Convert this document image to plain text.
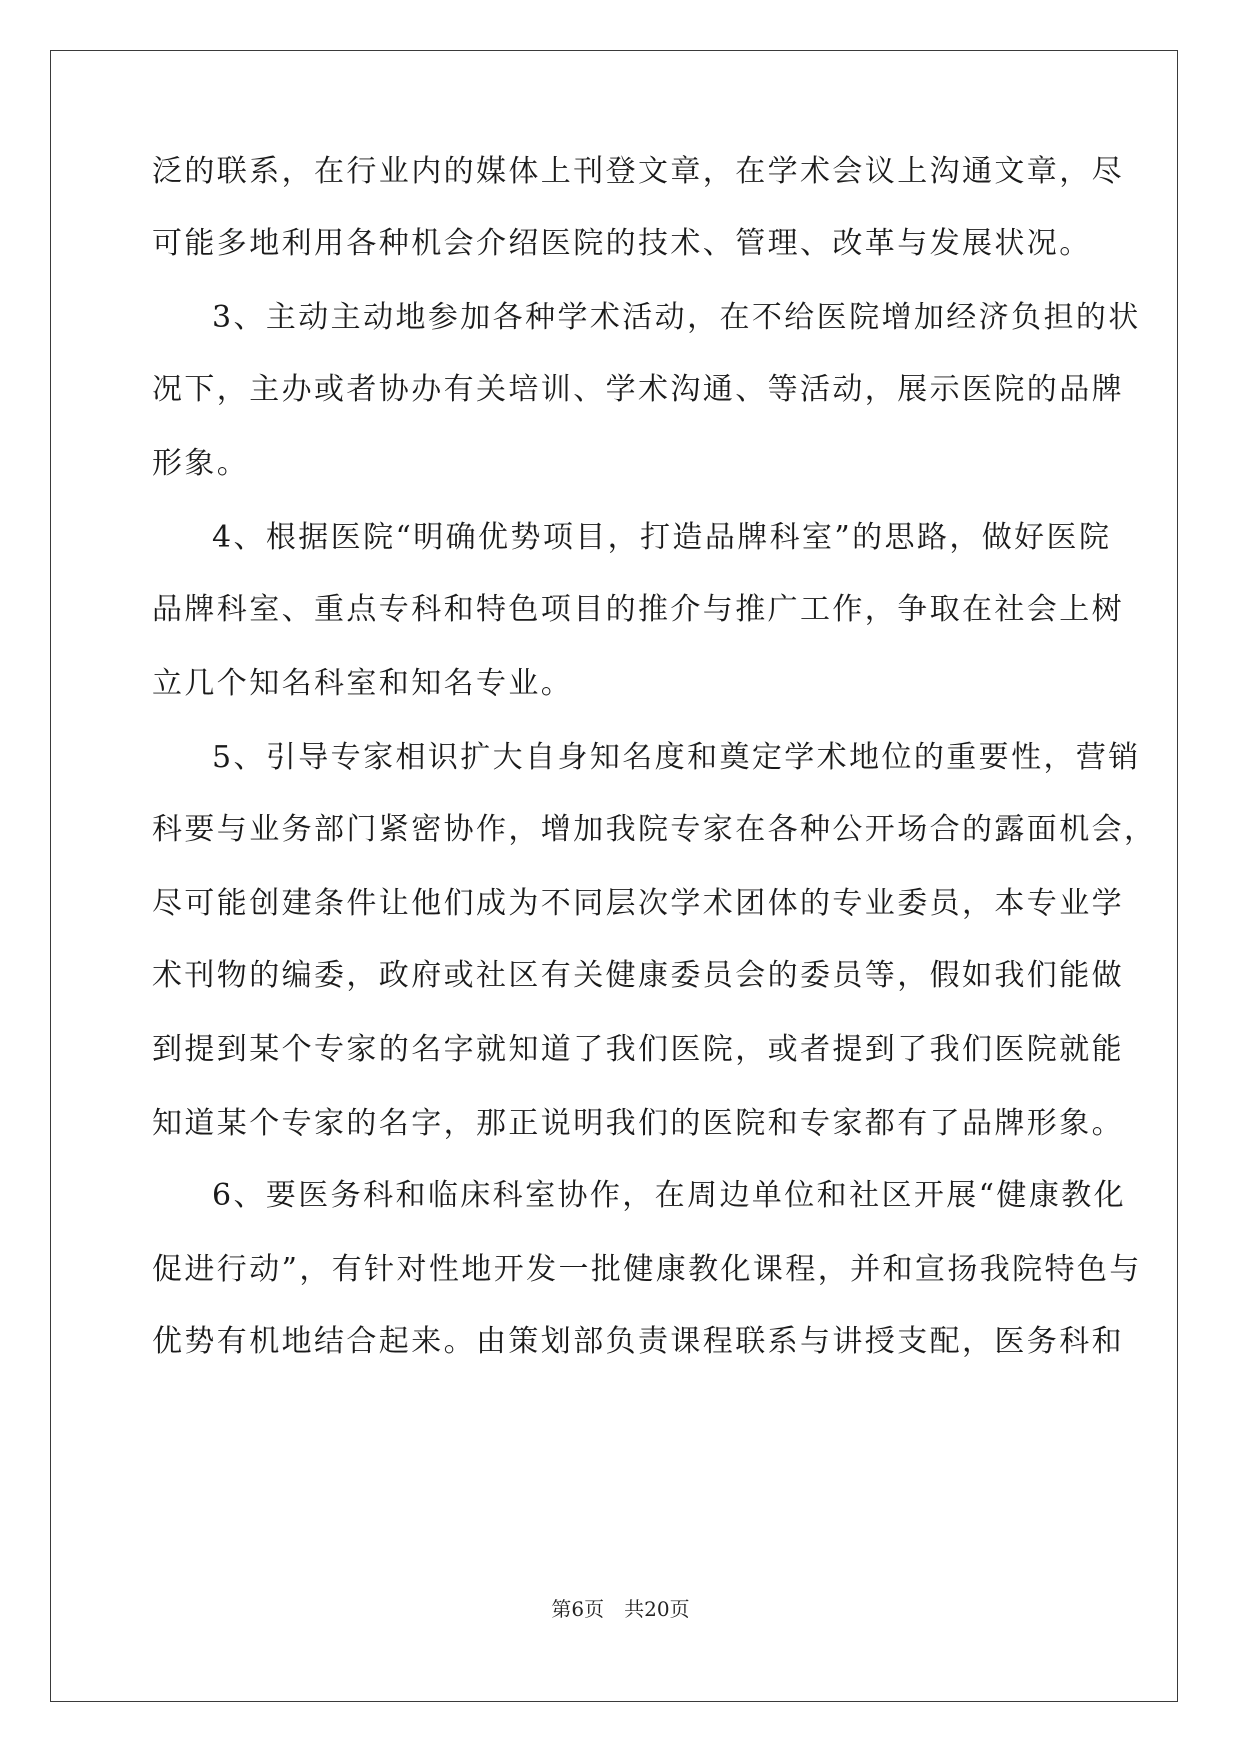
泛的联系，在行业内的媒体上刊登文章，在学术会议上沟通文章，尽
可能多地利用各种机会介绍医院的技术、管理、改革与发展状况。
3、主动主动地参加各种学术活动，在不给医院增加经济负担的状
况下，主办或者协办有关培训、学术沟通、等活动，展示医院的品牌
形象。
4、根据医院“明确优势项目，打造品牌科室”的思路，做好医院
品牌科室、重点专科和特色项目的推介与推广工作，争取在社会上树
立几个知名科室和知名专业。
5、引导专家相识扩大自身知名度和奠定学术地位的重要性，营销
科要与业务部门紧密协作，增加我院专家在各种公开场合的露面机会，
尽可能创建条件让他们成为不同层次学术团体的专业委员，本专业学
术刊物的编委，政府或社区有关健康委员会的委员等，假如我们能做
到提到某个专家的名字就知道了我们医院，或者提到了我们医院就能
知道某个专家的名字，那正说明我们的医院和专家都有了品牌形象。
6、要医务科和临床科室协作，在周边单位和社区开展“健康教化
促进行动”，有针对性地开发一批健康教化课程，并和宣扬我院特色与
优势有机地结合起来。由策划部负责课程联系与讲授支配，医务科和
第6页　共20页
